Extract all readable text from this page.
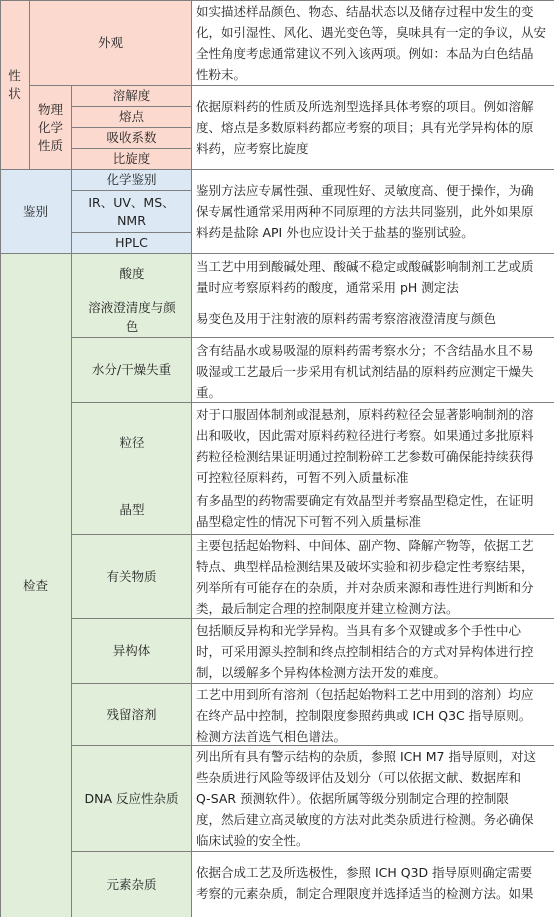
性
状
外观
物理
化学
性质
溶解度
熔点
吸收系数
比旋度
如实描述样品颜色、物态、结晶状态以及储存过程中发生的变
化，如引湿性、风化、遇光变色等，臭味具有一定的争议，从安
全性角度考虑通常建议不列入该两项。例如：本品为白色结晶
性粉末。
依据原料药的性质及所选剂型选择具体考察的项目。例如溶解
度、熔点是多数原料药都应考察的项目；具有光学异构体的原
料药，应考察比旋度
鉴别
化学鉴别
IR、UV、MS、
NMR
HPLC
鉴别方法应专属性强、重现性好、灵敏度高、便于操作，为确
保专属性通常采用两种不同原理的方法共同鉴别，此外如果原
料药是盐除 API 外也应设计关于盐基的鉴别试验。
检查
酸度
溶液澄清度与颜
色
当工艺中用到酸碱处理、酸碱不稳定或酸碱影响制剂工艺或质
量时应考察原料药的酸度，通常采用 pH 测定法
易变色及用于注射液的原料药需考察溶液澄清度与颜色
水分/干燥失重
含有结晶水或易吸湿的原料药需考察水分；不含结晶水且不易
吸湿或工艺最后一步采用有机试剂结晶的原料药应测定干燥失
重。
粒径
晶型
对于口服固体制剂或混悬剂，原料药粒径会显著影响制剂的溶
出和吸收，因此需对原料药粒径进行考察。如果通过多批原料
药粒径检测结果证明通过控制粉碎工艺参数可确保能持续获得
可控粒径原料药，可暂不列入质量标准
有多晶型的药物需要确定有效晶型并考察晶型稳定性，在证明
晶型稳定性的情况下可暂不列入质量标准
有关物质
主要包括起始物料、中间体、副产物、降解产物等，依据工艺
特点、典型样品检测结果及破坏实验和初步稳定性考察结果，
列举所有可能存在的杂质，并对杂质来源和毒性进行判断和分
类，最后制定合理的控制限度并建立检测方法。
异构体
包括顺反异构和光学异构。当具有多个双键或多个手性中心
时，可采用源头控制和终点控制相结合的方式对异构体进行控
制，以缓解多个异构体检测方法开发的难度。
残留溶剂
工艺中用到所有溶剂（包括起始物料工艺中用到的溶剂）均应
在终产品中控制，控制限度参照药典或 ICH Q3C 指导原则。
检测方法首选气相色谱法。
DNA 反应性杂质
列出所有具有警示结构的杂质，参照 ICH M7 指导原则，对这
些杂质进行风险等级评估及划分（可以依据文献、数据库和
Q-SAR 预测软件）。依据所属等级分别制定合理的控制限
度，然后建立高灵敏度的方法对此类杂质进行检测。务必确保
临床试验的安全性。
元素杂质
依据合成工艺及所选极性，参照 ICH Q3D 指导原则确定需要
考察的元素杂质，制定合理限度并选择适当的检测方法。如果
